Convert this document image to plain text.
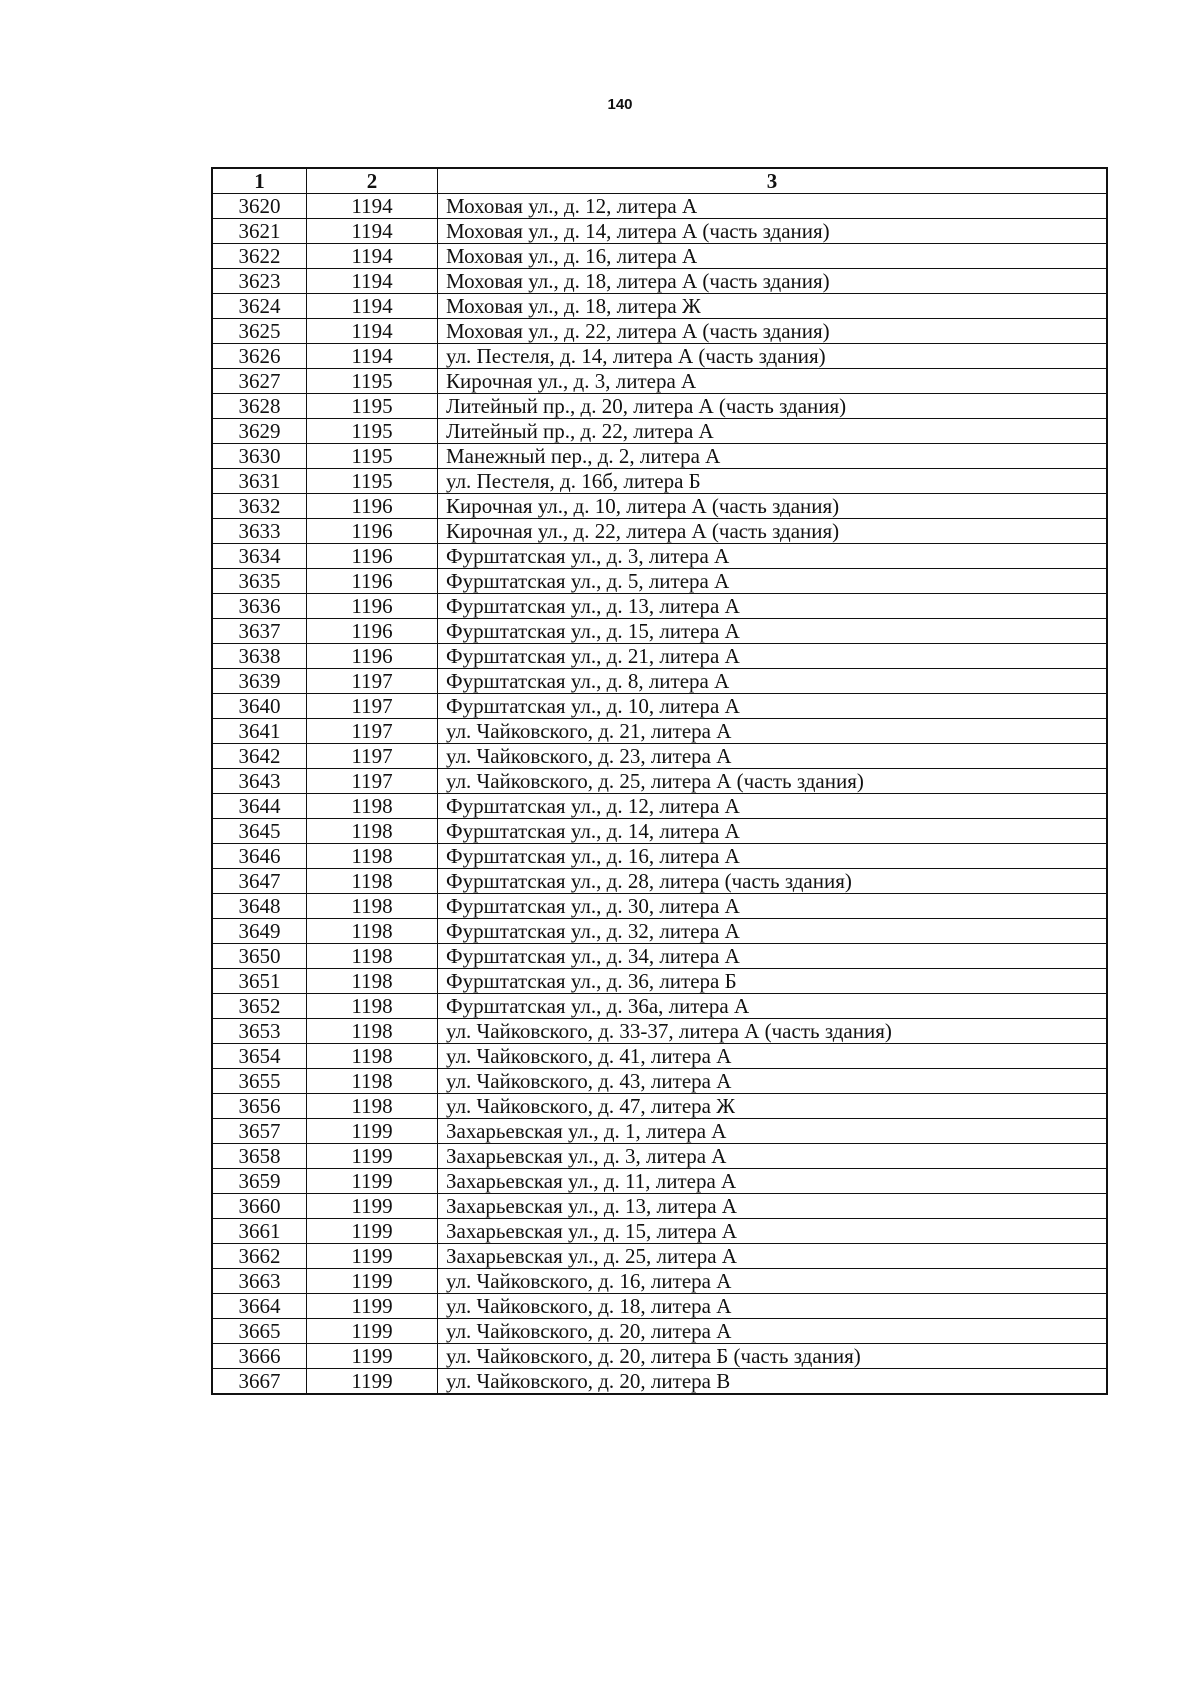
140
1	2	3
3620	1194	Моховая ул., д. 12, литера А
3621	1194	Моховая ул., д. 14, литера А (часть здания)
3622	1194	Моховая ул., д. 16, литера А
3623	1194	Моховая ул., д. 18, литера А (часть здания)
3624	1194	Моховая ул., д. 18, литера Ж
3625	1194	Моховая ул., д. 22, литера А (часть здания)
3626	1194	ул. Пестеля, д. 14, литера А (часть здания)
3627	1195	Кирочная ул., д. 3, литера А
3628	1195	Литейный пр., д. 20, литера А (часть здания)
3629	1195	Литейный пр., д. 22, литера А
3630	1195	Манежный пер., д. 2, литера А
3631	1195	ул. Пестеля, д. 16б, литера Б
3632	1196	Кирочная ул., д. 10, литера А (часть здания)
3633	1196	Кирочная ул., д. 22, литера А (часть здания)
3634	1196	Фурштатская ул., д. 3, литера А
3635	1196	Фурштатская ул., д. 5, литера А
3636	1196	Фурштатская ул., д. 13, литера А
3637	1196	Фурштатская ул., д. 15, литера А
3638	1196	Фурштатская ул., д. 21, литера А
3639	1197	Фурштатская ул., д. 8, литера А
3640	1197	Фурштатская ул., д. 10, литера А
3641	1197	ул. Чайковского, д. 21, литера А
3642	1197	ул. Чайковского, д. 23, литера А
3643	1197	ул. Чайковского, д. 25, литера А (часть здания)
3644	1198	Фурштатская ул., д. 12, литера А
3645	1198	Фурштатская ул., д. 14, литера А
3646	1198	Фурштатская ул., д. 16, литера А
3647	1198	Фурштатская ул., д. 28, литера (часть здания)
3648	1198	Фурштатская ул., д. 30, литера А
3649	1198	Фурштатская ул., д. 32, литера А
3650	1198	Фурштатская ул., д. 34, литера А
3651	1198	Фурштатская ул., д. 36, литера Б
3652	1198	Фурштатская ул., д. 36а, литера А
3653	1198	ул. Чайковского, д. 33-37, литера А (часть здания)
3654	1198	ул. Чайковского, д. 41, литера А
3655	1198	ул. Чайковского, д. 43, литера А
3656	1198	ул. Чайковского, д. 47, литера Ж
3657	1199	Захарьевская ул., д. 1, литера А
3658	1199	Захарьевская ул., д. 3, литера А
3659	1199	Захарьевская ул., д. 11, литера А
3660	1199	Захарьевская ул., д. 13, литера А
3661	1199	Захарьевская ул., д. 15, литера А
3662	1199	Захарьевская ул., д. 25, литера А
3663	1199	ул. Чайковского, д. 16, литера А
3664	1199	ул. Чайковского, д. 18, литера А
3665	1199	ул. Чайковского, д. 20, литера А
3666	1199	ул. Чайковского, д. 20, литера Б (часть здания)
3667	1199	ул. Чайковского, д. 20, литера В
